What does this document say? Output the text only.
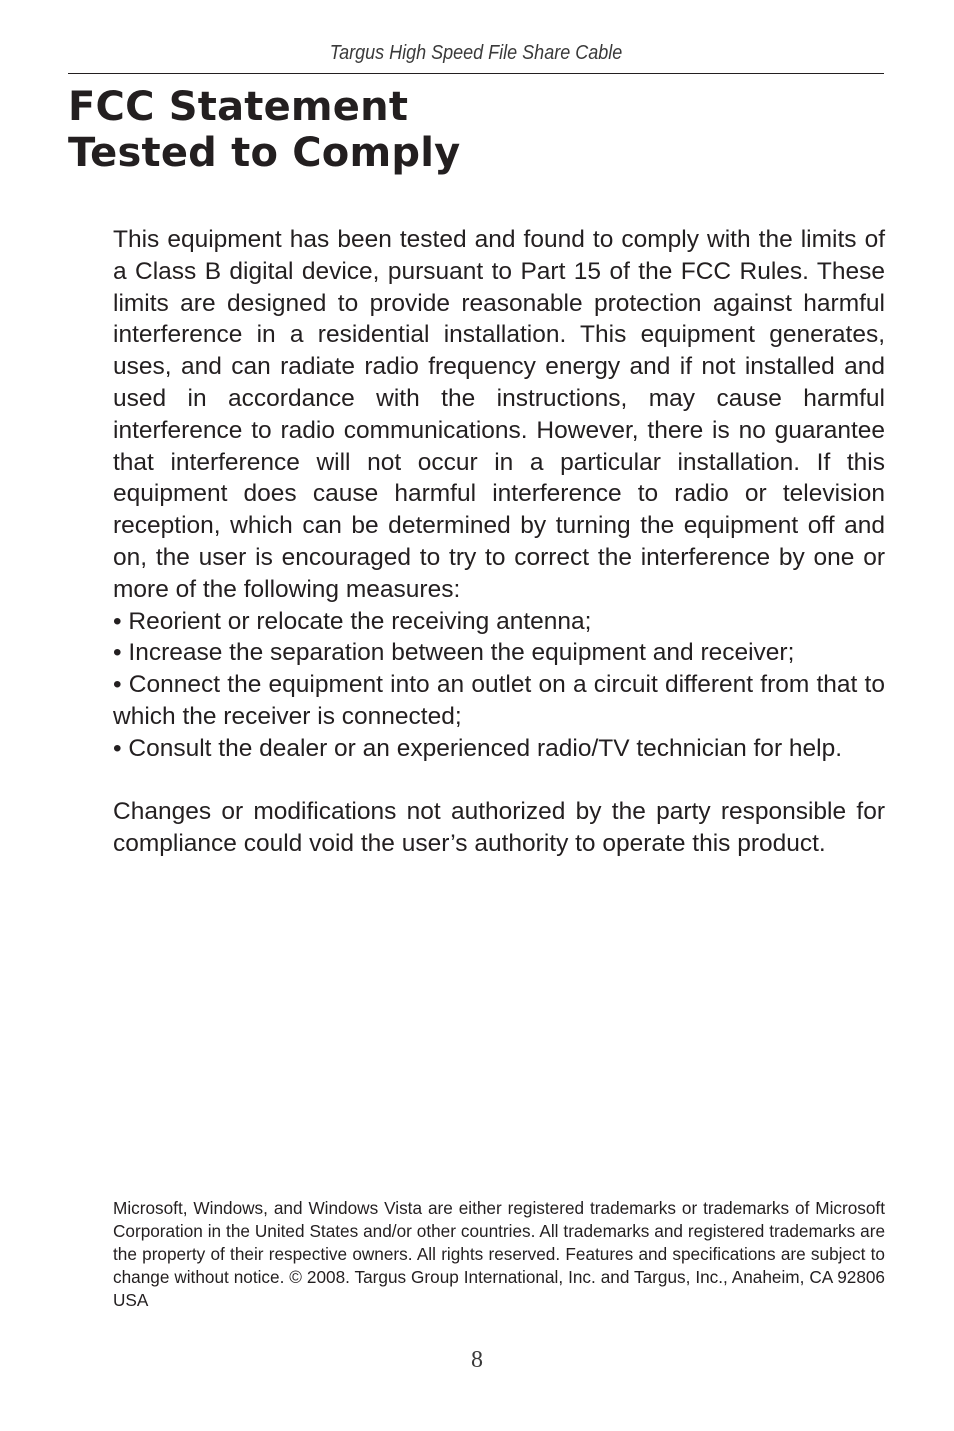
Targus High Speed File Share Cable
FCC Statement
Tested to Comply

This equipment has been tested and found to comply with the limits of a Class B digital device, pursuant to Part 15 of the FCC Rules. These limits are designed to provide reasonable protection against harmful interference in a residential installation. This equipment generates, uses, and can radiate radio frequency energy and if not installed and used in accordance with the instructions, may cause harmful interference to radio communications. However, there is no guarantee that interference will not occur in a particular installation. If this equipment does cause harmful interference to radio or television reception, which can be determined by turning the equipment off and on, the user is encouraged to try to correct the interference by one or more of the following measures:

• Reorient or relocate the receiving antenna;
• Increase the separation between the equipment and receiver;
• Connect the equipment into an outlet on a circuit different from that to which the receiver is connected;
• Consult the dealer or an experienced radio/TV technician for help.

Changes or modifications not authorized by the party responsible for compliance could void the user’s authority to operate this product.

Microsoft, Windows, and Windows Vista are either registered trademarks or trademarks of Microsoft Corporation in the United States and/or other countries. All trademarks and registered trademarks are the property of their respective owners. All rights reserved. Features and specifications are subject to change without notice. © 2008. Targus Group International, Inc. and Targus, Inc., Anaheim, CA 92806 USA

8
